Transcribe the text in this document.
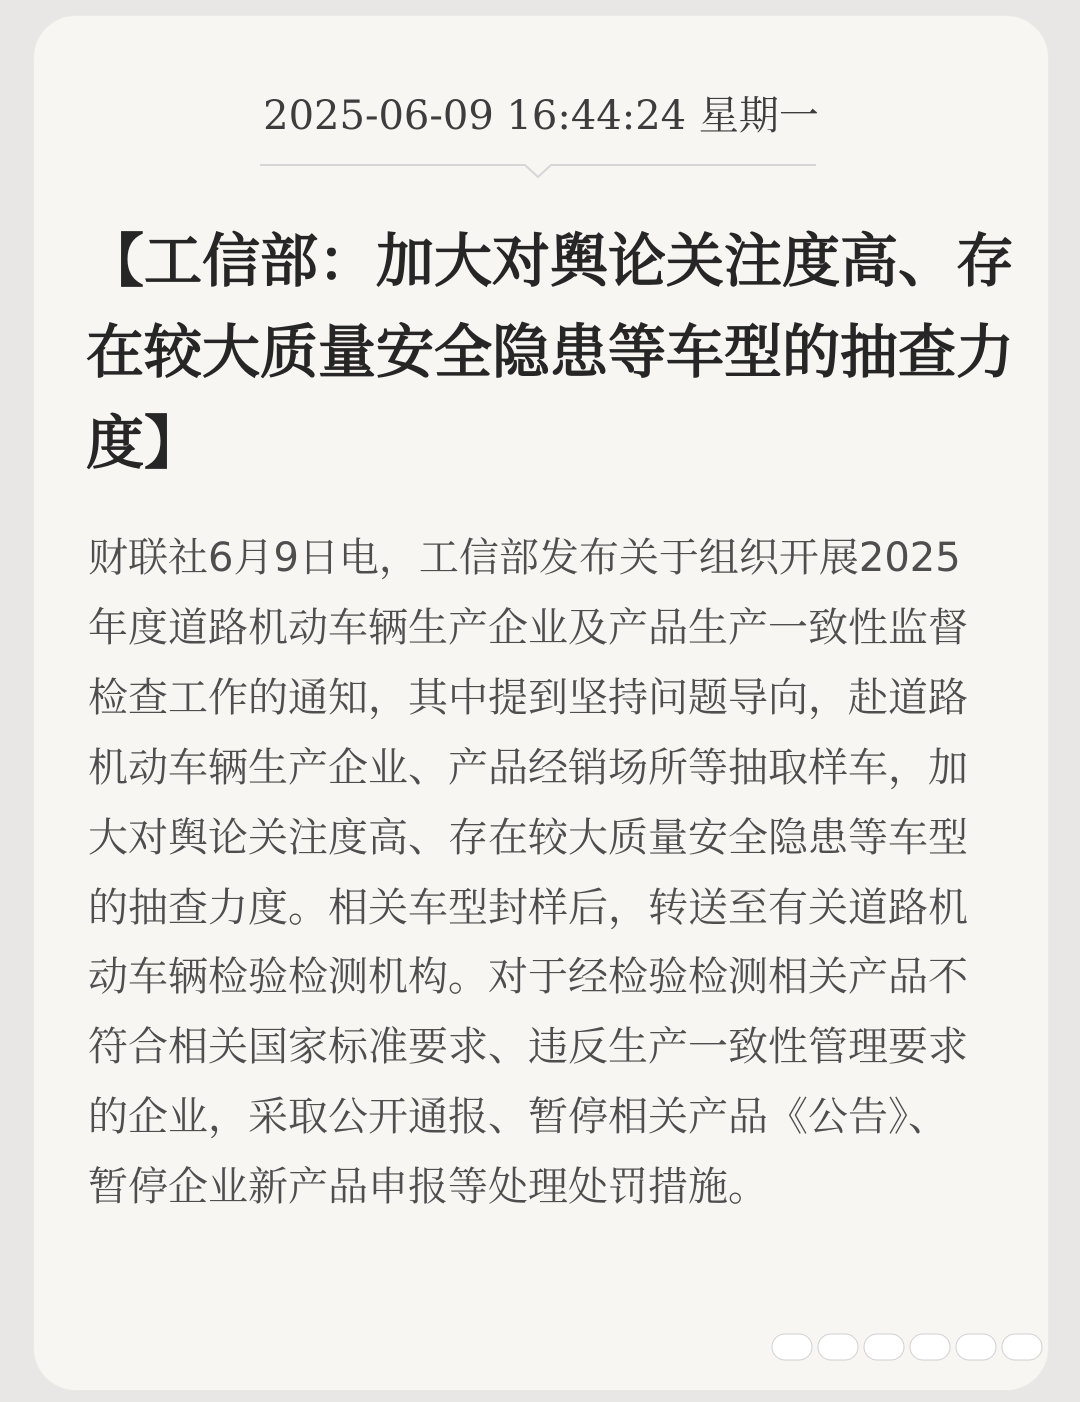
2025-06-09 16:44:24 星期一
【工信部：加大对舆论关注度高、存在较大质量安全隐患等车型的抽查力度】

财联社6月9日电，工信部发布关于组织开展2025年度道路机动车辆生产企业及产品生产一致性监督检查工作的通知，其中提到坚持问题导向，赴道路机动车辆生产企业、产品经销场所等抽取样车，加大对舆论关注度高、存在较大质量安全隐患等车型的抽查力度。相关车型封样后，转送至有关道路机动车辆检验检测机构。对于经检验检测相关产品不符合相关国家标准要求、违反生产一致性管理要求的企业，采取公开通报、暂停相关产品《公告》、暂停企业新产品申报等处理处罚措施。
